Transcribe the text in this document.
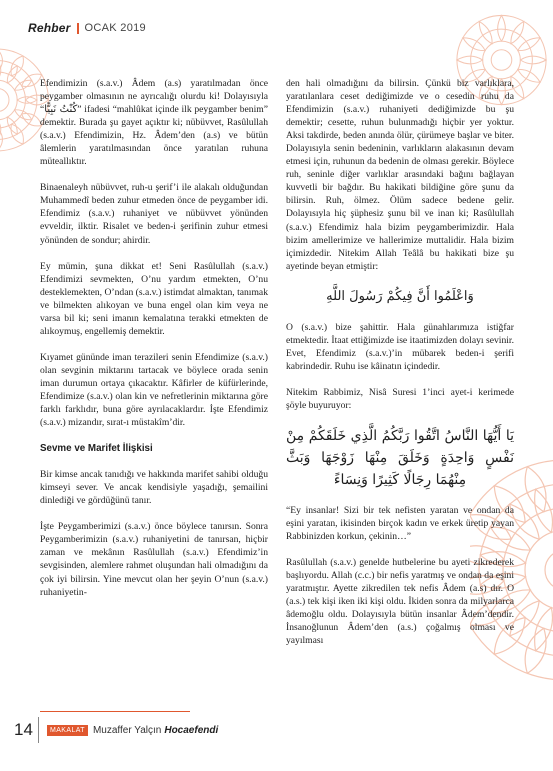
Rehber OCAK 2019

Efendimizin (s.a.v.) Âdem (a.s) yaratılmadan önce peygamber olmasının ne ayrıcalığı olurdu ki! Dolayısıyla “كُنْتُ نَبِيًّا” ifadesi “mahlûkat içinde ilk peygamber benim” demektir. Burada şu gayet açıktır ki; nübüvvet, Rasûlullah (s.a.v.) Efendimizin, Hz. Âdem’den (a.s) ve bütün âlemlerin yaratılmasından önce yaratılan ruhuna müteallıktır.

Binaenaleyh nübüvvet, ruh-u şerif’i ile alakalı olduğundan Muhammedî beden zuhur etmeden önce de peygamber idi. Efendimiz (s.a.v.) ruhaniyet ve nübüvvet yönünden evveldir, ilktir. Risalet ve beden-i şerifinin zuhur etmesi yönünden de sondur; ahirdir.

Ey mümin, şuna dikkat et! Seni Rasûlullah (s.a.v.) Efendimizi sevmekten, O’nu yardım etmekten, O’nu desteklemekten, O’ndan (s.a.v.) istimdat almaktan, tanımak ve bilmekten alıkoyan ve buna engel olan kim veya ne varsa bil ki; seni imanın kemalatına terakki etmekten de alıkoymuş, engellemiş demektir.

Kıyamet gününde iman terazileri senin Efendimize (s.a.v.) olan sevginin miktarını tartacak ve böylece orada senin iman durumun ortaya çıkacaktır. Kâfirler de küfürlerinde, Efendimize (s.a.v.) olan kin ve nefretlerinin miktarına göre farklı farklıdır, buna göre ayrılacaklardır. İşte Efendimiz (s.a.v.) mizandır, sırat-ı müstakîm’dir.

Sevme ve Marifet İlişkisi

Bir kimse ancak tanıdığı ve hakkında marifet sahibi olduğu kimseyi sever. Ve ancak kendisiyle yaşadığı, şemailini dinlediği ve gördüğünü tanır.

İşte Peygamberimizi (s.a.v.) önce böylece tanırsın. Sonra Peygamberimizin (s.a.v.) ruhaniyetini de tanırsan, hiçbir zaman ve mekânın Rasûlullah (s.a.v.) Efendimiz’in sevgisinden, alemlere rahmet oluşundan hali olmadığını da çok iyi bilirsin. Yine mevcut olan her şeyin O’nun (s.a.v.) ruhaniyetin-

den hali olmadığını da bilirsin. Çünkü biz varlıklara, yaratılanlara ceset dediğimizde ve o cesedin ruhu da Efendimizin (s.a.v.) ruhaniyeti dediğimizde bu şu demektir; cesette, ruhun bulunmadığı hiçbir yer yoktur. Aksi takdirde, beden anında ölür, çürümeye başlar ve biter. Dolayısıyla senin bedeninin, varlıkların alakasının devam etmesi için, ruhunun da bedenin de olması gerekir. Böylece ruh, seninle diğer varlıklar arasındaki bağını bağlayan kuvvetli bir bağdır. Bu hakikati bildiğine göre şunu da bilirsin. Ruh, ölmez. Ölüm sadece bedene gelir. Dolayısıyla hiç şüphesiz şunu bil ve inan ki; Rasûlullah (s.a.v.) Efendimiz hala bizim peygamberimizdir. Hala bizim amellerimize ve hallerimize muttalidir. Hala bizim içimizdedir. Nitekim Allah Teâlâ bu hakikati bize şu ayetinde beyan etmiştir:

وَاعْلَمُوا أَنَّ فِيكُمْ رَسُولَ اللَّهِ

O (s.a.v.) bize şahittir. Hala günahlarımıza istiğfar etmektedir. İtaat ettiğimizde ise itaatimizden dolayı sevinir. Evet, Efendimiz (s.a.v.)’in mübarek beden-i şerifi kabrindedir. Ruhu ise kâinatın içindedir.

Nitekim Rabbimiz, Nisâ Suresi 1’inci ayet-i kerimede şöyle buyuruyor:

يَا أَيُّهَا النَّاسُ اتَّقُوا رَبَّكُمُ الَّذِي خَلَقَكُمْ مِنْ نَفْسٍ وَاحِدَةٍ وَخَلَقَ مِنْهَا زَوْجَهَا وَبَثَّ مِنْهُمَا رِجَالًا كَثِيرًا وَنِسَاءً

“Ey insanlar! Sizi bir tek nefisten yaratan ve ondan da eşini yaratan, ikisinden birçok kadın ve erkek üretip yayan Rabbinizden korkun, çekinin…”

Rasûlullah (s.a.v.) genelde hutbelerine bu ayeti zikrederek başlıyordu. Allah (c.c.) bir nefis yaratmış ve ondan da eşini yaratmıştır. Ayette zikredilen tek nefis Âdem (a.s) dır. O (a.s.) tek kişi iken iki kişi oldu. İkiden sonra da milyarlarca âdemoğlu oldu. Dolayısıyla bütün insanlar Âdem’dendir. İnsanoğlunun Âdem’den (a.s.) çoğalmış olması ve yayılması

14	MAKALAT Muzaffer Yalçın Hocaefendi
